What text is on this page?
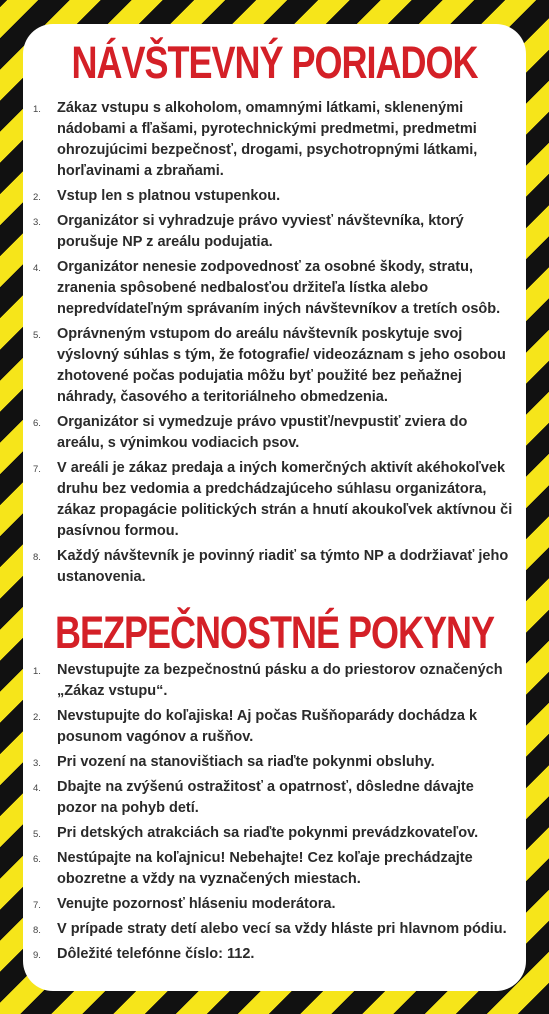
NÁVŠTEVNÝ PORIADOK
1. Zákaz vstupu s alkoholom, omamnými látkami, sklenenými nádobami a fľašami, pyrotechnickými predmetmi, predmetmi ohrozujúcimi bezpečnosť, drogami, psychotropnými látkami, horľavinami a zbraňami.
2. Vstup len s platnou vstupenkou.
3. Organizátor si vyhradzuje právo vyviesť návštevníka, ktorý porušuje NP z areálu podujatia.
4. Organizátor nenesie zodpovednosť za osobné škody, stratu, zranenia spôsobené nedbalosťou držiteľa lístka alebo nepredvídateľným správaním iných návštevníkov a tretích osôb.
5. Oprávneným vstupom do areálu návštevník poskytuje svoj výslovný súhlas s tým, že fotografie/ videozáznam s jeho osobou zhotovené počas podujatia môžu byť použité bez peňažnej náhrady, časového a teritoriálneho obmedzenia.
6. Organizátor si vymedzuje právo vpustiť/nevpustiť zviera do areálu, s výnimkou vodiacich psov.
7. V areáli je zákaz predaja a iných komerčných aktivít akéhokoľvek druhu bez vedomia a predchádzajúceho súhlasu organizátora, zákaz propagácie politických strán a hnutí akoukoľvek aktívnou či pasívnou formou.
8. Každý návštevník je povinný riadiť sa týmto NP a dodržiavať jeho ustanovenia.
BEZPEČNOSTNÉ POKYNY
1. Nevstupujte za bezpečnostnú pásku a do priestorov označených „Zákaz vstupu“.
2. Nevstupujte do koľajiska! Aj počas Rušňoparády dochádza k posunom vagónov a rušňov.
3. Pri vození na stanovištiach sa riaďte pokynmi obsluhy.
4. Dbajte na zvýšenú ostražitosť a opatrnosť, dôsledne dávajte pozor na pohyb detí.
5. Pri detských atrakciách sa riaďte pokynmi prevádzkovateľov.
6. Nestúpajte na koľajnicu! Nebehajte! Cez koľaje prechádzajte obozretne a vždy na vyznačených miestach.
7. Venujte pozornosť hláseniu moderátora.
8. V prípade straty detí alebo vecí sa vždy hláste pri hlavnom pódiu.
9. Dôležité telefónne číslo: 112.
